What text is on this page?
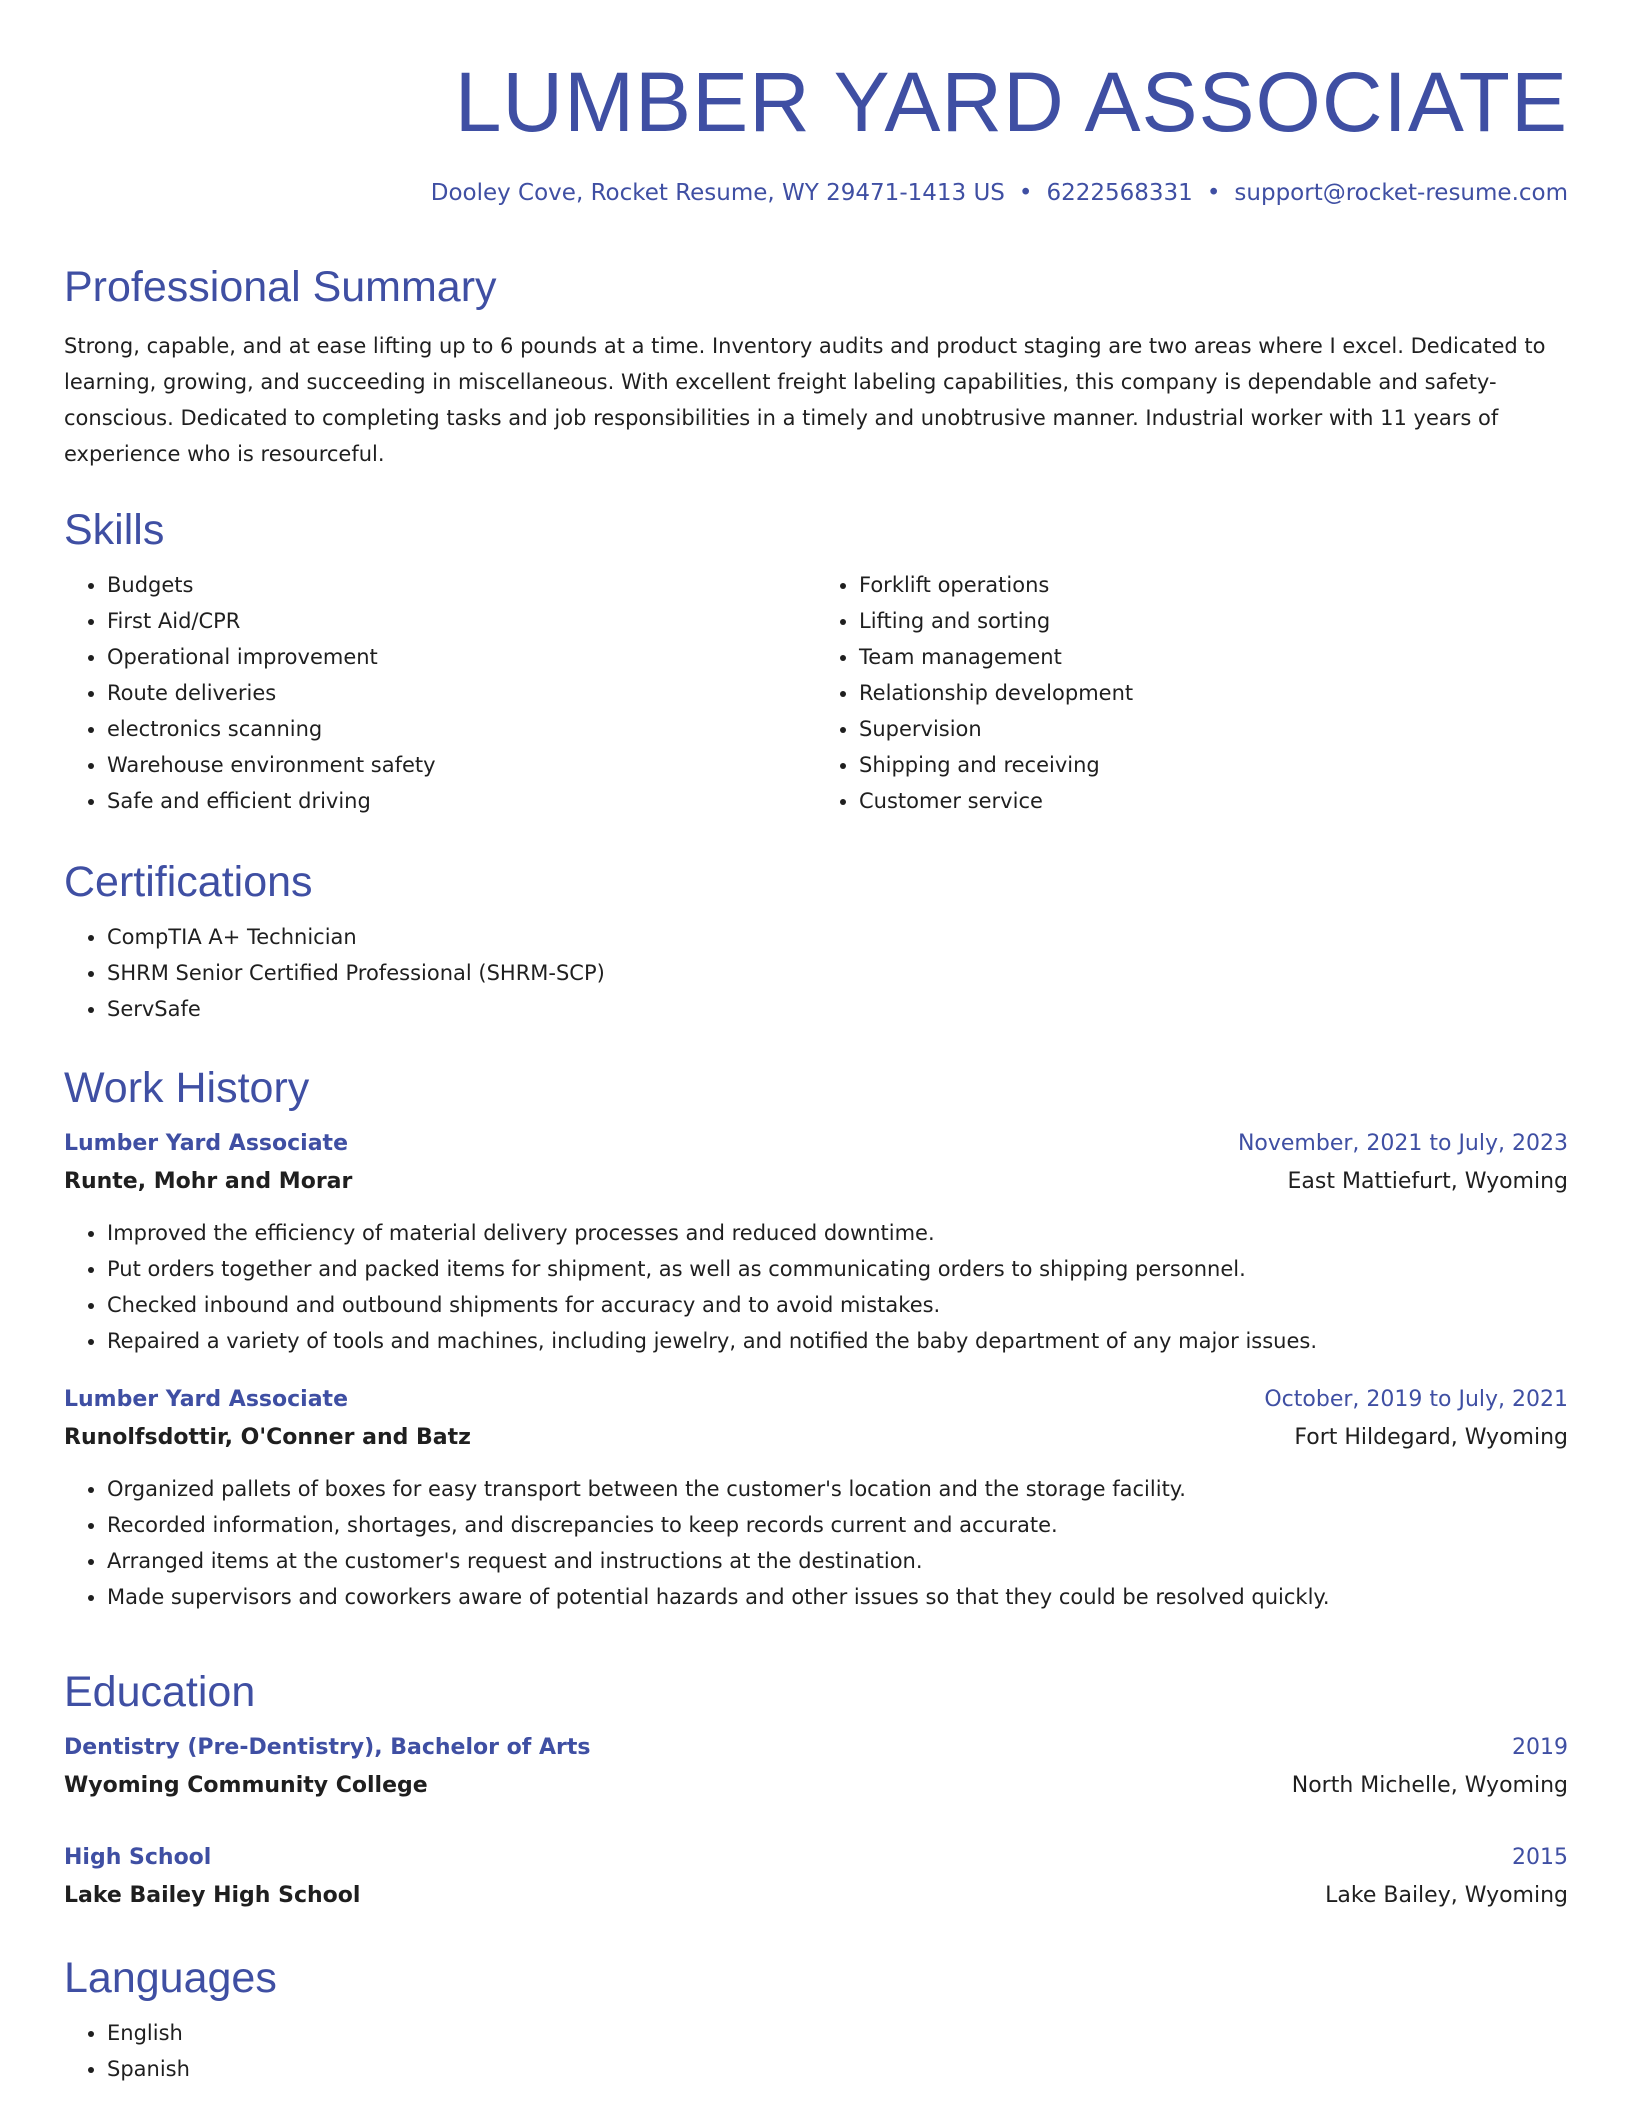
LUMBER YARD ASSOCIATE
Dooley Cove, Rocket Resume, WY 29471-1413 US • 6222568331 • support@rocket-resume.com
Professional Summary
Strong, capable, and at ease lifting up to 6 pounds at a time. Inventory audits and product staging are two areas where I excel. Dedicated to learning, growing, and succeeding in miscellaneous. With excellent freight labeling capabilities, this company is dependable and safety-conscious. Dedicated to completing tasks and job responsibilities in a timely and unobtrusive manner. Industrial worker with 11 years of experience who is resourceful.
Skills
• Budgets
• First Aid/CPR
• Operational improvement
• Route deliveries
• electronics scanning
• Warehouse environment safety
• Safe and efficient driving
• Forklift operations
• Lifting and sorting
• Team management
• Relationship development
• Supervision
• Shipping and receiving
• Customer service
Certifications
• CompTIA A+ Technician
• SHRM Senior Certified Professional (SHRM-SCP)
• ServSafe
Work History
Lumber Yard Associate	November, 2021 to July, 2023
Runte, Mohr and Morar	East Mattiefurt, Wyoming
• Improved the efficiency of material delivery processes and reduced downtime.
• Put orders together and packed items for shipment, as well as communicating orders to shipping personnel.
• Checked inbound and outbound shipments for accuracy and to avoid mistakes.
• Repaired a variety of tools and machines, including jewelry, and notified the baby department of any major issues.
Lumber Yard Associate	October, 2019 to July, 2021
Runolfsdottir, O'Conner and Batz	Fort Hildegard, Wyoming
• Organized pallets of boxes for easy transport between the customer's location and the storage facility.
• Recorded information, shortages, and discrepancies to keep records current and accurate.
• Arranged items at the customer's request and instructions at the destination.
• Made supervisors and coworkers aware of potential hazards and other issues so that they could be resolved quickly.
Education
Dentistry (Pre-Dentistry), Bachelor of Arts	2019
Wyoming Community College	North Michelle, Wyoming
High School	2015
Lake Bailey High School	Lake Bailey, Wyoming
Languages
• English
• Spanish
